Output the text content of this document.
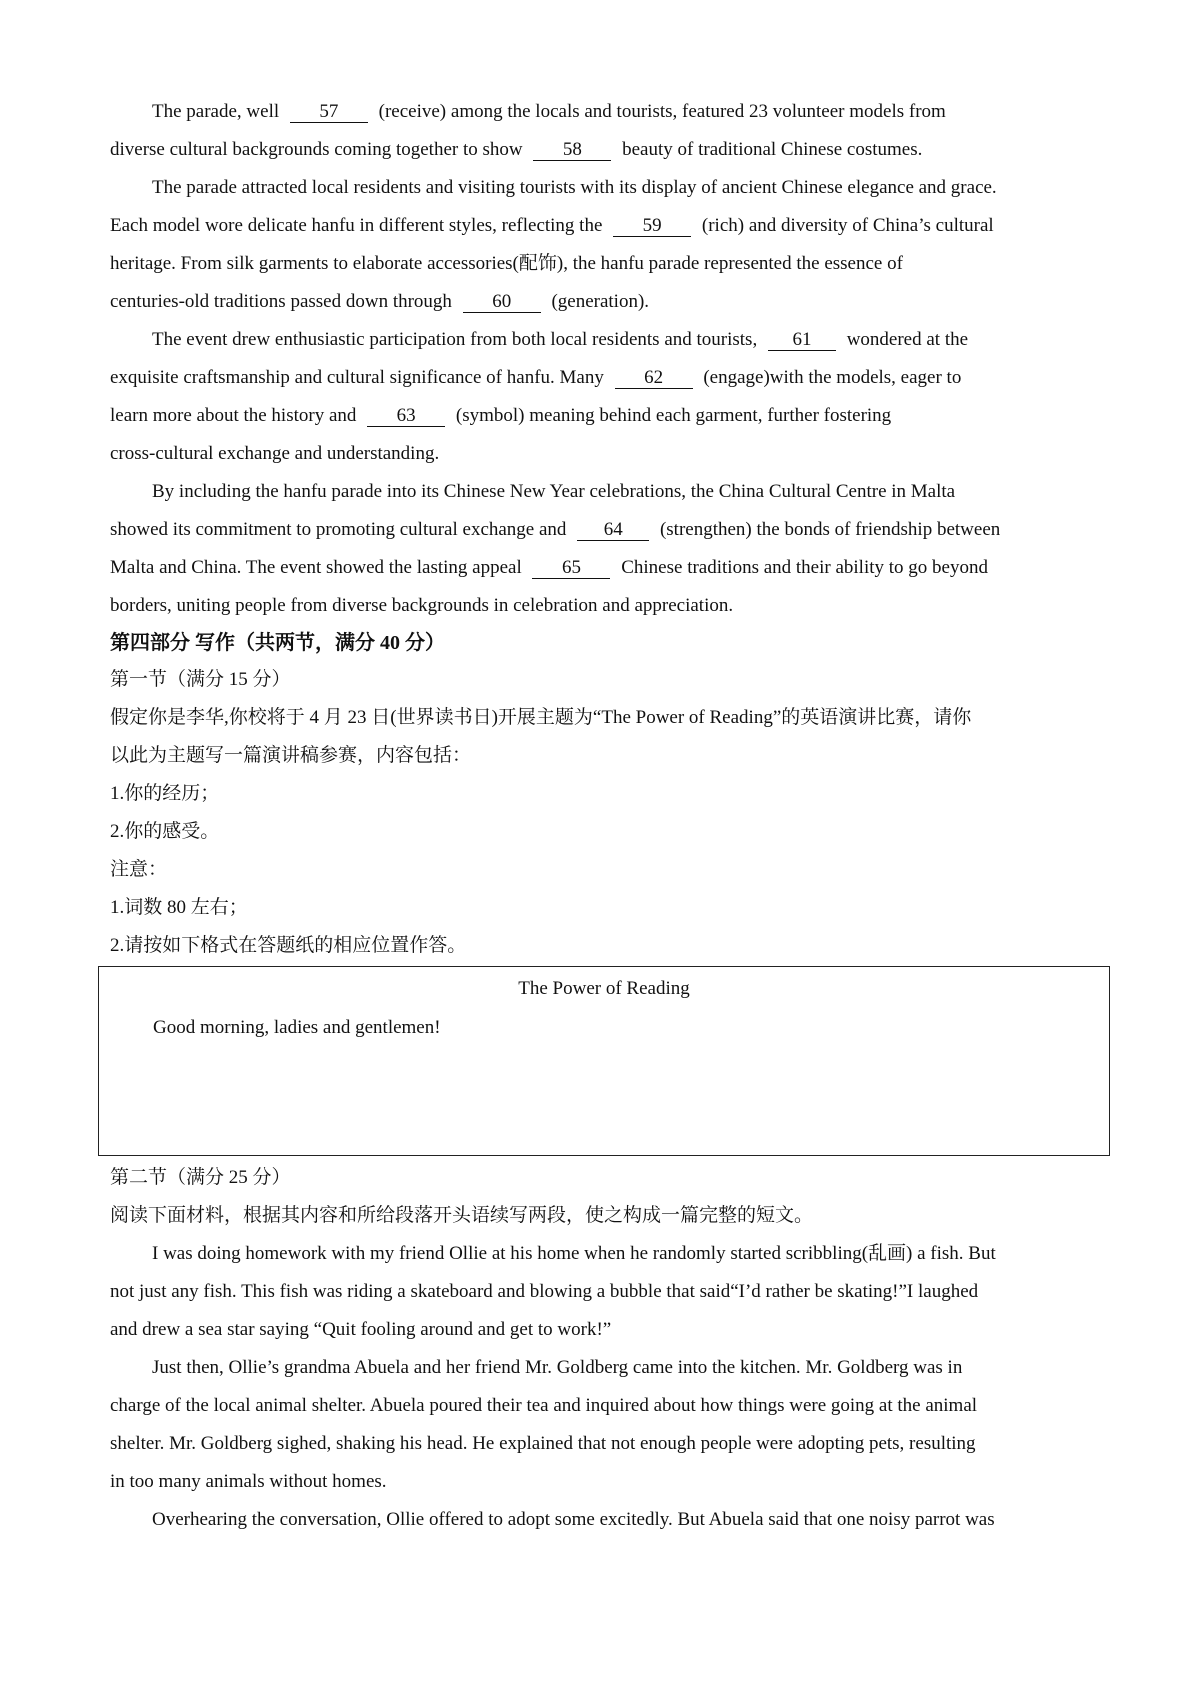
The parade, well 57 (receive) among the locals and tourists, featured 23 volunteer models from
diverse cultural backgrounds coming together to show 58 beauty of traditional Chinese costumes.
The parade attracted local residents and visiting tourists with its display of ancient Chinese elegance and grace.
Each model wore delicate hanfu in different styles, reflecting the 59 (rich) and diversity of China’s cultural
heritage. From silk garments to elaborate accessories(配饰), the hanfu parade represented the essence of
centuries-old traditions passed down through 60 (generation).
The event drew enthusiastic participation from both local residents and tourists, 61 wondered at the
exquisite craftsmanship and cultural significance of hanfu. Many 62 (engage)with the models, eager to
learn more about the history and 63 (symbol) meaning behind each garment, further fostering
cross-cultural exchange and understanding.
By including the hanfu parade into its Chinese New Year celebrations, the China Cultural Centre in Malta
showed its commitment to promoting cultural exchange and 64 (strengthen) the bonds of friendship between
Malta and China. The event showed the lasting appeal 65 Chinese traditions and their ability to go beyond
borders, uniting people from diverse backgrounds in celebration and appreciation.
第四部分 写作（共两节，满分 40 分）
第一节（满分 15 分）
假定你是李华,你校将于 4 月 23 日(世界读书日)开展主题为“The Power of Reading”的英语演讲比赛，请你
以此为主题写一篇演讲稿参赛，内容包括：
1.你的经历；
2.你的感受。
注意：
1.词数 80 左右；
2.请按如下格式在答题纸的相应位置作答。
The Power of Reading
Good morning, ladies and gentlemen!
第二节（满分 25 分）
阅读下面材料，根据其内容和所给段落开头语续写两段，使之构成一篇完整的短文。
I was doing homework with my friend Ollie at his home when he randomly started scribbling(乱画) a fish. But
not just any fish. This fish was riding a skateboard and blowing a bubble that said“I’d rather be skating!”I laughed
and drew a sea star saying “Quit fooling around and get to work!”
Just then, Ollie’s grandma Abuela and her friend Mr. Goldberg came into the kitchen. Mr. Goldberg was in
charge of the local animal shelter. Abuela poured their tea and inquired about how things were going at the animal
shelter. Mr. Goldberg sighed, shaking his head. He explained that not enough people were adopting pets, resulting
in too many animals without homes.
Overhearing the conversation, Ollie offered to adopt some excitedly. But Abuela said that one noisy parrot was
